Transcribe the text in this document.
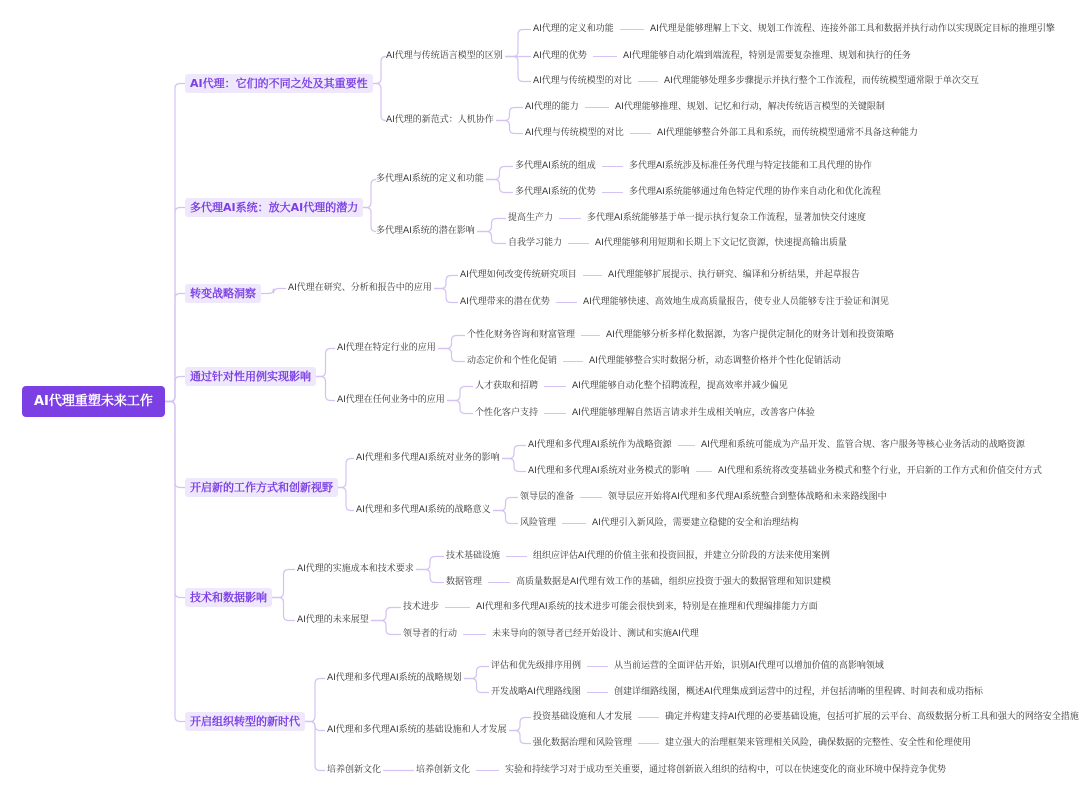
AI代理重塑未来工作
AI代理：它们的不同之处及其重要性
AI代理与传统语言模型的区别
AI代理的定义和功能	AI代理是能够理解上下文、规划工作流程、连接外部工具和数据并执行动作以实现既定目标的推理引擎
AI代理的优势	AI代理能够自动化端到端流程，特别是需要复杂推理、规划和执行的任务
AI代理与传统模型的对比	AI代理能够处理多步骤提示并执行整个工作流程，而传统模型通常限于单次交互
AI代理的新范式：人机协作
AI代理的能力	AI代理能够推理、规划、记忆和行动，解决传统语言模型的关键限制
AI代理与传统模型的对比	AI代理能够整合外部工具和系统，而传统模型通常不具备这种能力
多代理AI系统：放大AI代理的潜力
多代理AI系统的定义和功能
多代理AI系统的组成	多代理AI系统涉及标准任务代理与特定技能和工具代理的协作
多代理AI系统的优势	多代理AI系统能够通过角色特定代理的协作来自动化和优化流程
多代理AI系统的潜在影响
提高生产力	多代理AI系统能够基于单一提示执行复杂工作流程，显著加快交付速度
自我学习能力	AI代理能够利用短期和长期上下文记忆资源，快速提高输出质量
转变战略洞察	AI代理在研究、分析和报告中的应用
AI代理如何改变传统研究项目	AI代理能够扩展提示、执行研究、编译和分析结果，并起草报告
AI代理带来的潜在优势	AI代理能够快速、高效地生成高质量报告，使专业人员能够专注于验证和洞见
通过针对性用例实现影响
AI代理在特定行业的应用
个性化财务咨询和财富管理	AI代理能够分析多样化数据源，为客户提供定制化的财务计划和投资策略
动态定价和个性化促销	AI代理能够整合实时数据分析，动态调整价格并个性化促销活动
AI代理在任何业务中的应用
人才获取和招聘	AI代理能够自动化整个招聘流程，提高效率并减少偏见
个性化客户支持	AI代理能够理解自然语言请求并生成相关响应，改善客户体验
开启新的工作方式和创新视野
AI代理和多代理AI系统对业务的影响
AI代理和多代理AI系统作为战略资源	AI代理和系统可能成为产品开发、监管合规、客户服务等核心业务活动的战略资源
AI代理和多代理AI系统对业务模式的影响	AI代理和系统将改变基础业务模式和整个行业，开启新的工作方式和价值交付方式
AI代理和多代理AI系统的战略意义
领导层的准备	领导层应开始将AI代理和多代理AI系统整合到整体战略和未来路线图中
风险管理	AI代理引入新风险，需要建立稳健的安全和治理结构
技术和数据影响
AI代理的实施成本和技术要求
技术基础设施	组织应评估AI代理的价值主张和投资回报，并建立分阶段的方法来使用案例
数据管理	高质量数据是AI代理有效工作的基础，组织应投资于强大的数据管理和知识建模
AI代理的未来展望
技术进步	AI代理和多代理AI系统的技术进步可能会很快到来，特别是在推理和代理编排能力方面
领导者的行动	未来导向的领导者已经开始设计、测试和实施AI代理
开启组织转型的新时代
AI代理和多代理AI系统的战略规划
评估和优先级排序用例	从当前运营的全面评估开始，识别AI代理可以增加价值的高影响领域
开发战略AI代理路线图	创建详细路线图，概述AI代理集成到运营中的过程，并包括清晰的里程碑、时间表和成功指标
AI代理和多代理AI系统的基础设施和人才发展
投资基础设施和人才发展	确定并构建支持AI代理的必要基础设施，包括可扩展的云平台、高级数据分析工具和强大的网络安全措施
强化数据治理和风险管理	建立强大的治理框架来管理相关风险，确保数据的完整性、安全性和伦理使用
培养创新文化	培养创新文化	实验和持续学习对于成功至关重要，通过将创新嵌入组织的结构中，可以在快速变化的商业环境中保持竞争优势
